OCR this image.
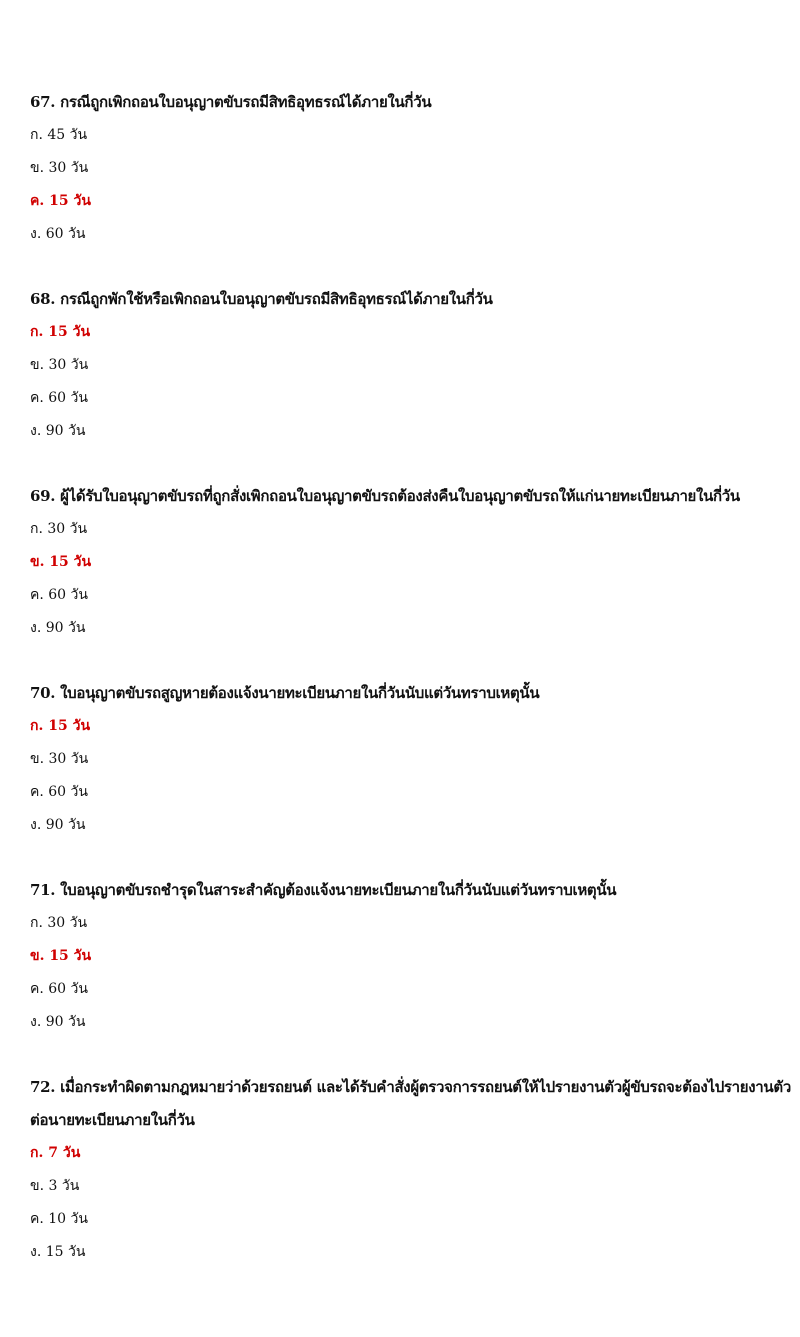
67. กรณีถูกเพิกถอนใบอนุญาตขับรถมีสิทธิอุทธรณ์ได้ภายในกี่วัน

ก. 45 วัน
ข. 30 วัน
ค. 15 วัน
ง. 60 วัน

68. กรณีถูกพักใช้หรือเพิกถอนใบอนุญาตขับรถมีสิทธิอุทธรณ์ได้ภายในกี่วัน

ก. 15 วัน
ข. 30 วัน
ค. 60 วัน
ง. 90 วัน

69. ผู้ได้รับใบอนุญาตขับรถที่ถูกสั่งเพิกถอนใบอนุญาตขับรถต้องส่งคืนใบอนุญาตขับรถให้แก่นายทะเบียนภายในกี่วัน

ก. 30 วัน
ข. 15 วัน
ค. 60 วัน
ง. 90 วัน

70. ใบอนุญาตขับรถสูญหายต้องแจ้งนายทะเบียนภายในกี่วันนับแต่วันทราบเหตุนั้น

ก. 15 วัน
ข. 30 วัน
ค. 60 วัน
ง. 90 วัน

71. ใบอนุญาตขับรถชำรุดในสาระสำคัญต้องแจ้งนายทะเบียนภายในกี่วันนับแต่วันทราบเหตุนั้น

ก. 30 วัน
ข. 15 วัน
ค. 60 วัน
ง. 90 วัน

72. เมื่อกระทำผิดตามกฎหมายว่าด้วยรถยนต์ และได้รับคำสั่งผู้ตรวจการรถยนต์ให้ไปรายงานตัวผู้ขับรถจะต้องไปรายงานตัวต่อนายทะเบียนภายในกี่วัน

ก. 7 วัน
ข. 3 วัน
ค. 10 วัน
ง. 15 วัน
